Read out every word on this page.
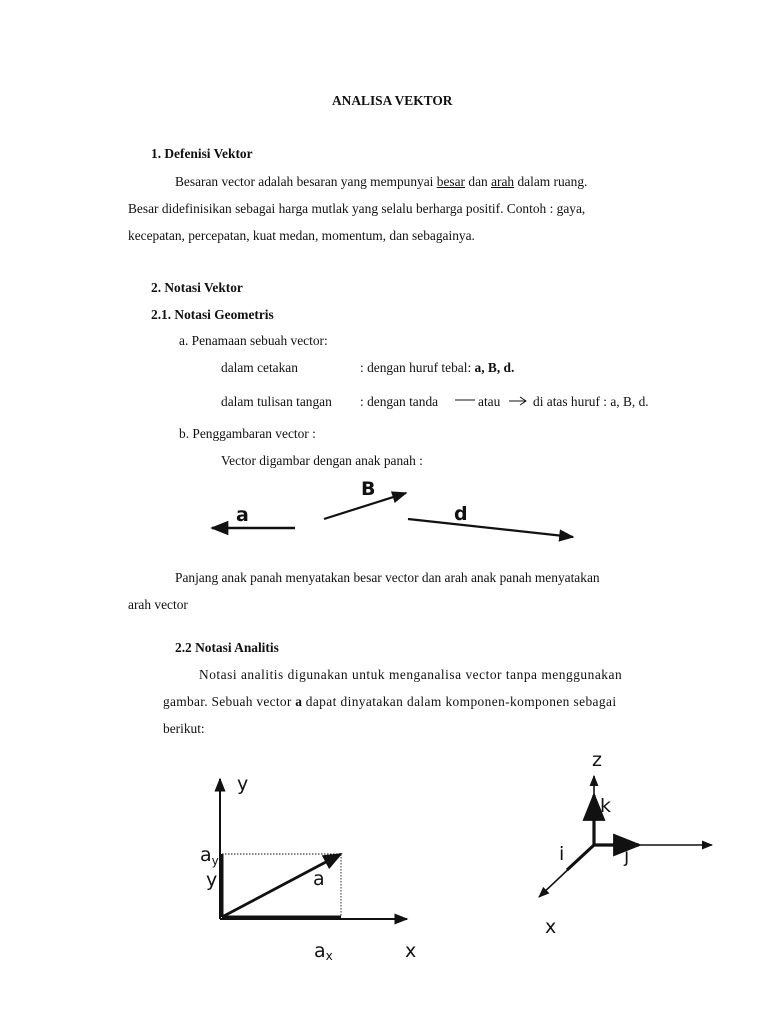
ANALISA VEKTOR
1. Defenisi Vektor
Besaran vector adalah besaran yang mempunyai besar dan arah dalam ruang.
Besar didefinisikan sebagai harga mutlak yang selalu berharga positif. Contoh : gaya,
kecepatan, percepatan, kuat medan, momentum, dan sebagainya.
2. Notasi Vektor
2.1. Notasi Geometris
a. Penamaan sebuah vector:
dalam cetakan	: dengan huruf tebal: a, B, d.
dalam tulisan tangan : dengan tanda	atau di atas huruf : a, B, d.
b. Penggambaran vector :
Vector digambar dengan anak panah :
Panjang anak panah menyatakan besar vector dan arah anak panah menyatakan
arah vector
2.2 Notasi Analitis
Notasi analitis digunakan untuk menganalisa vector tanpa menggunakan
gambar. Sebuah vector a dapat dinyatakan dalam komponen-komponen sebagai
berikut:
a
B
d
y
x
$a_y$
y	a
ax
z
k
i	j
x
